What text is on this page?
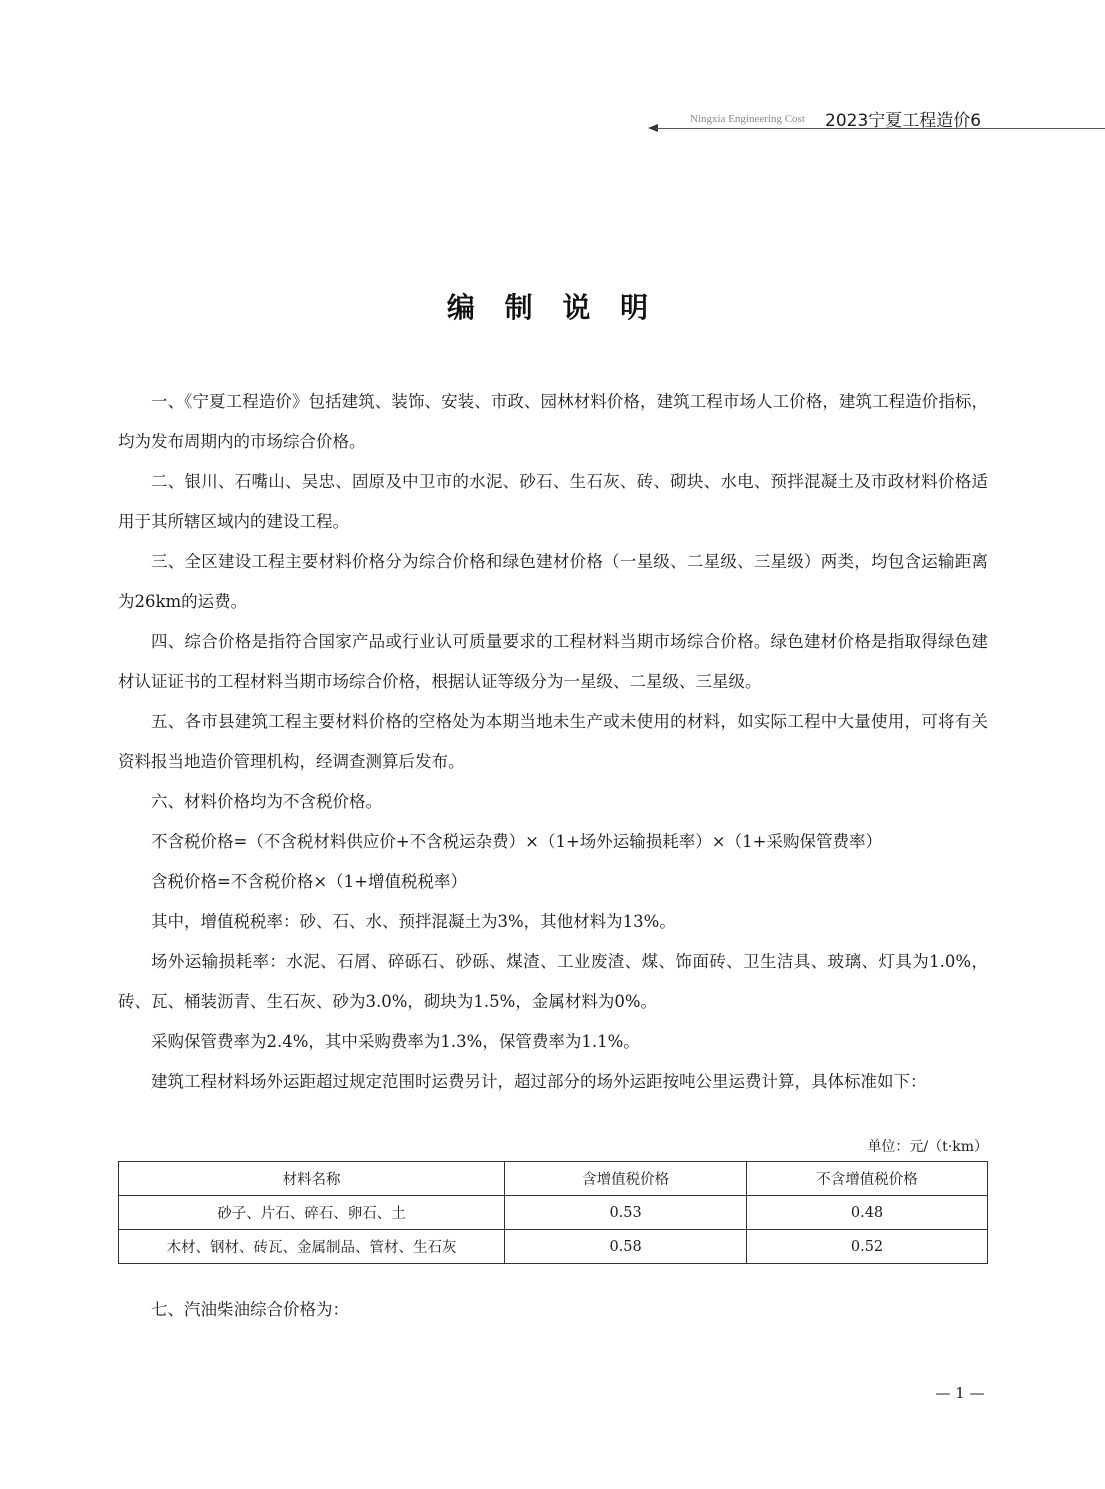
Ningxia Engineering Cost 2023宁夏工程造价6
编 制 说 明

一、《宁夏工程造价》包括建筑、装饰、安装、市政、园林材料价格，建筑工程市场人工价格，建筑工程造价指标，均为发布周期内的市场综合价格。

二、银川、石嘴山、吴忠、固原及中卫市的水泥、砂石、生石灰、砖、砌块、水电、预拌混凝土及市政材料价格适用于其所辖区域内的建设工程。

三、全区建设工程主要材料价格分为综合价格和绿色建材价格（一星级、二星级、三星级）两类，均包含运输距离为26km的运费。

四、综合价格是指符合国家产品或行业认可质量要求的工程材料当期市场综合价格。绿色建材价格是指取得绿色建材认证证书的工程材料当期市场综合价格，根据认证等级分为一星级、二星级、三星级。

五、各市县建筑工程主要材料价格的空格处为本期当地未生产或未使用的材料，如实际工程中大量使用，可将有关资料报当地造价管理机构，经调查测算后发布。

六、材料价格均为不含税价格。

不含税价格=（不含税材料供应价+不含税运杂费）×（1+场外运输损耗率）×（1+采购保管费率）

含税价格=不含税价格×（1+增值税税率）

其中，增值税税率：砂、石、水、预拌混凝土为3%，其他材料为13%。

场外运输损耗率：水泥、石屑、碎砾石、砂砾、煤渣、工业废渣、煤、饰面砖、卫生洁具、玻璃、灯具为1.0%，砖、瓦、桶装沥青、生石灰、砂为3.0%，砌块为1.5%，金属材料为0%。

采购保管费率为2.4%，其中采购费率为1.3%，保管费率为1.1%。

建筑工程材料场外运距超过规定范围时运费另计，超过部分的场外运距按吨公里运费计算，具体标准如下：

单位：元/（t·km）
材料名称	含增值税价格	不含增值税价格
砂子、片石、碎石、卵石、土	0.53	0.48
木材、钢材、砖瓦、金属制品、管材、生石灰	0.58	0.52
七、汽油柴油综合价格为：
— 1 —
